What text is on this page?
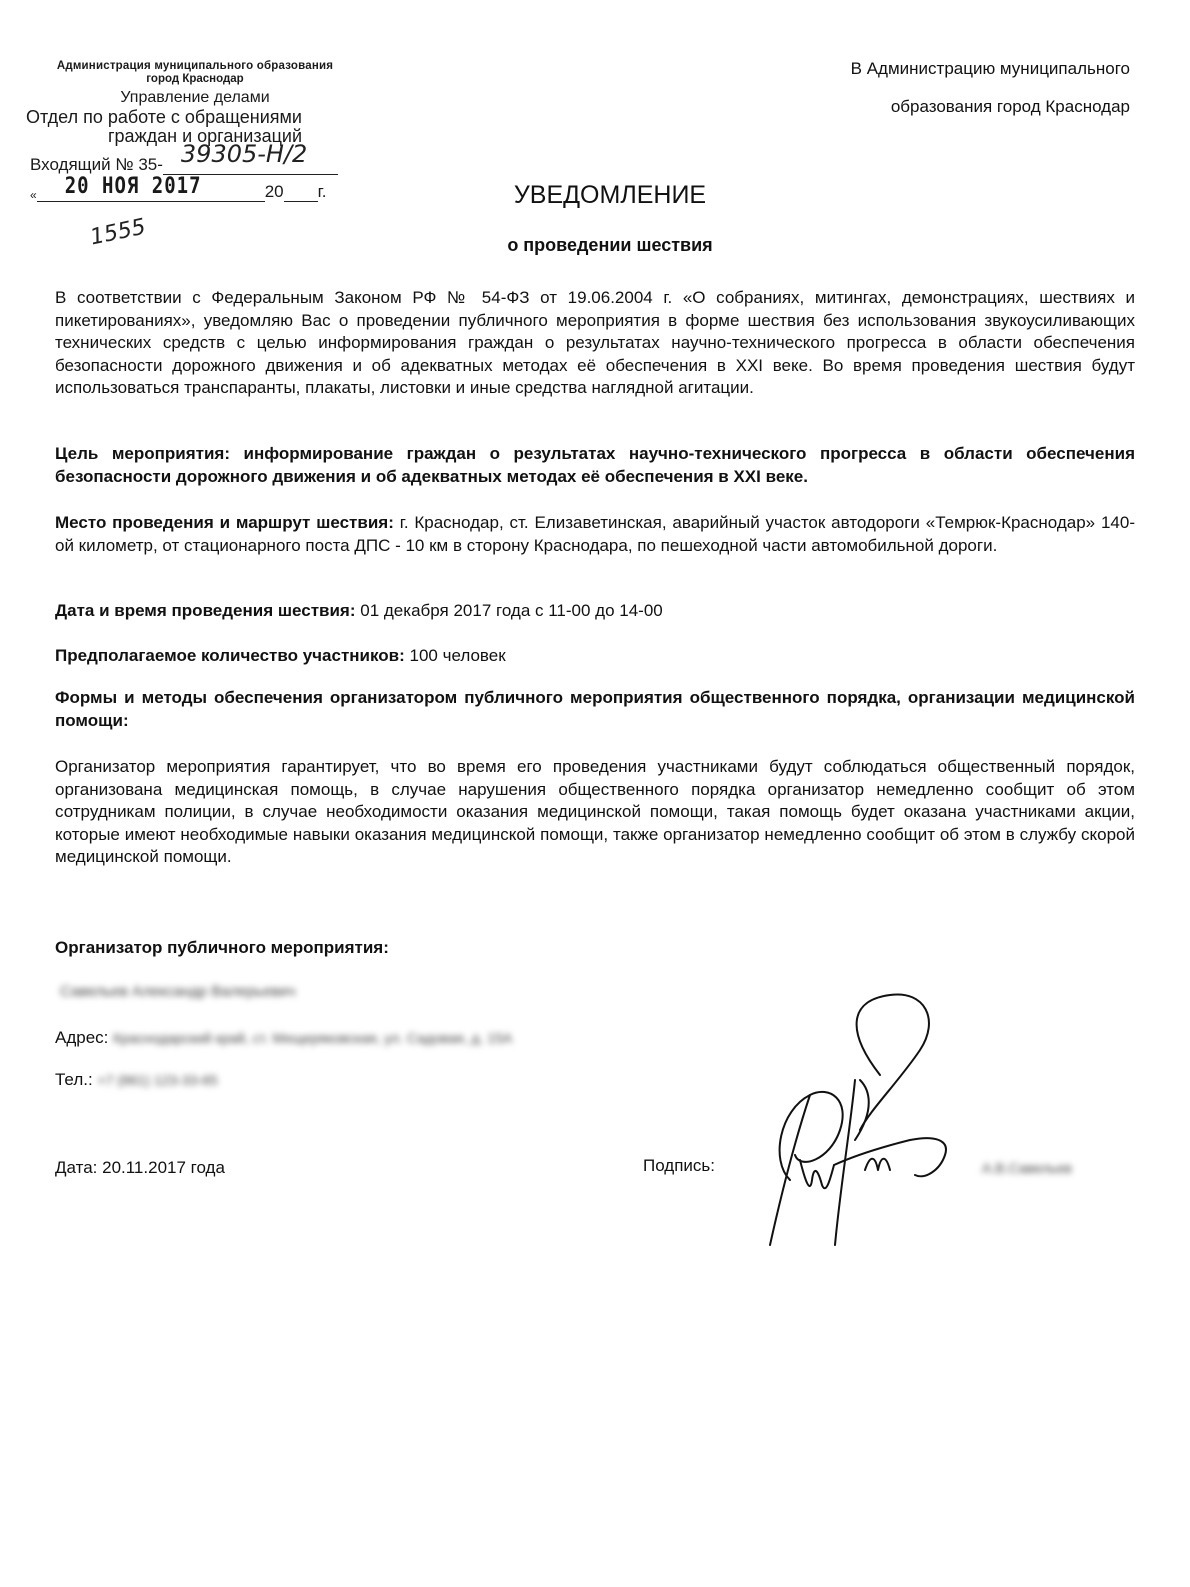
Администрация муниципального образования
город Краснодар
Управление делами
Отдел по работе с обращениями
граждан и организаций
Входящий № 35- 39305-Н/2
« 20 НОЯ 2017	20 г.
1555
В Администрацию муниципального
образования город Краснодар
УВЕДОМЛЕНИЕ
о проведении шествия
В соответствии с Федеральным Законом РФ № 54-ФЗ от 19.06.2004 г. «О собраниях, митингах, демонстрациях, шествиях и пикетированиях», уведомляю Вас о проведении публичного мероприятия в форме шествия без использования звукоусиливающих технических средств с целью информирования граждан о результатах научно-технического прогресса в области обеспечения безопасности дорожного движения и об адекватных методах её обеспечения в XXI веке. Во время проведения шествия будут использоваться транспаранты, плакаты, листовки и иные средства наглядной агитации.
Цель мероприятия: информирование граждан о результатах научно-технического прогресса в области обеспечения безопасности дорожного движения и об адекватных методах её обеспечения в XXI веке.
Место проведения и маршрут шествия: г. Краснодар, ст. Елизаветинская, аварийный участок автодороги «Темрюк-Краснодар» 140-ой километр, от стационарного поста ДПС - 10 км в сторону Краснодара, по пешеходной части автомобильной дороги.
Дата и время проведения шествия: 01 декабря 2017 года с 11-00 до 14-00
Предполагаемое количество участников: 100 человек
Формы и методы обеспечения организатором публичного мероприятия общественного порядка, организации медицинской помощи:
Организатор мероприятия гарантирует, что во время его проведения участниками будут соблюдаться общественный порядок, организована медицинская помощь, в случае нарушения общественного порядка организатор немедленно сообщит об этом сотрудникам полиции, в случае необходимости оказания медицинской помощи, такая помощь будет оказана участниками акции, которые имеют необходимые навыки оказания медицинской помощи, также организатор немедленно сообщит об этом в службу скорой медицинской помощи.
Организатор публичного мероприятия:
Савельев Александр Валерьевич
Адрес: Краснодарский край, ст. Мещеряковская, ул. Садовая, д. 15А
Тел.: +7 (861) 123-33-65
Дата: 20.11.2017 года	Подпись:	А.В.Савельев
